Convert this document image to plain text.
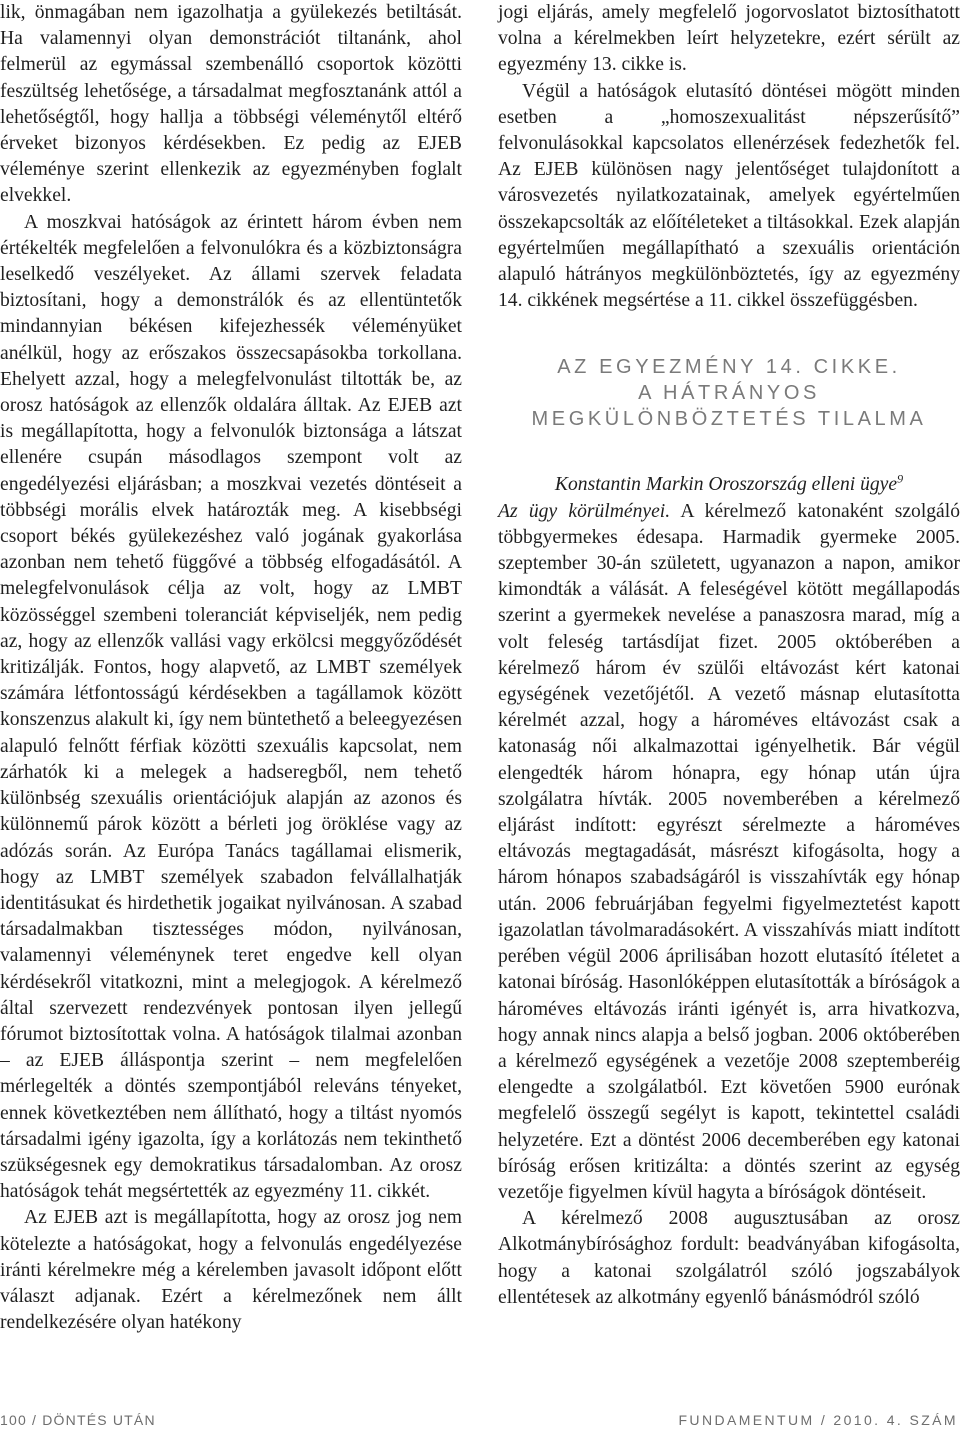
lik, önmagában nem igazolhatja a gyülekezés betiltását. Ha valamennyi olyan demonstrációt tiltanánk, ahol felmerül az egymással szembenálló csoportok közötti feszültség lehetősége, a társadalmat megfosztanánk attól a lehetőségtől, hogy hallja a többségi véleménytől eltérő érveket bizonyos kérdésekben. Ez pedig az EJEB véleménye szerint ellenkezik az egyezményben foglalt elvekkel.

A moszkvai hatóságok az érintett három évben nem értékelték megfelelően a felvonulókra és a közbiztonságra leselkedő veszélyeket. Az állami szervek feladata biztosítani, hogy a demonstrálók és az ellentüntetők mindannyian békésen kifejezhessék véleményüket anélkül, hogy az erőszakos összecsapásokba torkollana. Ehelyett azzal, hogy a melegfelvonulást tiltották be, az orosz hatóságok az ellenzők oldalára álltak. Az EJEB azt is megállapította, hogy a felvonulók biztonsága a látszat ellenére csupán másodlagos szempont volt az engedélyezési eljárásban; a moszkvai vezetés döntéseit a többségi morális elvek határozták meg. A kisebbségi csoport békés gyülekezéshez való jogának gyakorlása azonban nem tehető függővé a többség elfogadásától. A melegfelvonulások célja az volt, hogy az LMBT közösséggel szembeni toleranciát képviseljék, nem pedig az, hogy az ellenzők vallási vagy erkölcsi meggyőződését kritizálják. Fontos, hogy alapvető, az LMBT személyek számára létfontosságú kérdésekben a tagállamok között konszenzus alakult ki, így nem büntethető a beleegyezésen alapuló felnőtt férfiak közötti szexuális kapcsolat, nem zárhatók ki a melegek a hadseregből, nem tehető különbség szexuális orientációjuk alapján az azonos és különnemű párok között a bérleti jog öröklése vagy az adózás során. Az Európa Tanács tagállamai elismerik, hogy az LMBT személyek szabadon felvállalhatják identitásukat és hirdethetik jogaikat nyilvánosan. A szabad társadalmakban tisztességes módon, nyilvánosan, valamennyi véleménynek teret engedve kell olyan kérdésekről vitatkozni, mint a melegjogok. A kérelmező által szervezett rendezvények pontosan ilyen jellegű fórumot biztosítottak volna. A hatóságok tilalmai azonban – az EJEB álláspontja szerint – nem megfelelően mérlegelték a döntés szempontjából releváns tényeket, ennek következtében nem állítható, hogy a tiltást nyomós társadalmi igény igazolta, így a korlátozás nem tekinthető szükségesnek egy demokratikus társadalomban. Az orosz hatóságok tehát megsértették az egyezmény 11. cikkét.

Az EJEB azt is megállapította, hogy az orosz jog nem kötelezte a hatóságokat, hogy a felvonulás engedélyezése iránti kérelmekre még a kérelemben javasolt időpont előtt választ adjanak. Ezért a kérelmezőnek nem állt rendelkezésére olyan hatékony

jogi eljárás, amely megfelelő jogorvoslatot biztosíthatott volna a kérelmekben leírt helyzetekre, ezért sérült az egyezmény 13. cikke is.

Végül a hatóságok elutasító döntései mögött minden esetben a „homoszexualitást népszerűsítő” felvonulásokkal kapcsolatos ellenérzések fedezhetők fel. Az EJEB különösen nagy jelentőséget tulajdonított a városvezetés nyilatkozatainak, amelyek egyértelműen összekapcsolták az előítéleteket a tiltásokkal. Ezek alapján egyértelműen megállapítható a szexuális orientáción alapuló hátrányos megkülönböztetés, így az egyezmény 14. cikkének megsértése a 11. cikkel összefüggésben.

AZ EGYEZMÉNY 14. CIKKE.
A HÁTRÁNYOS
MEGKÜLÖNBÖZTETÉS TILALMA
Konstantin Markin Oroszország elleni ügye$^9$

Az ügy körülményei. A kérelmező katonaként szolgáló többgyermekes édesapa. Harmadik gyermeke 2005. szeptember 30-án született, ugyanazon a napon, amikor kimondták a válását. A feleségével kötött megállapodás szerint a gyermekek nevelése a panaszosra marad, míg a volt feleség tartásdíjat fizet. 2005 októberében a kérelmező három év szülői eltávozást kért katonai egységének vezetőjétől. A vezető másnap elutasította kérelmét azzal, hogy a hároméves eltávozást csak a katonaság női alkalmazottai igényelhetik. Bár végül elengedték három hónapra, egy hónap után újra szolgálatra hívták. 2005 novemberében a kérelmező eljárást indított: egyrészt sérelmezte a hároméves eltávozás megtagadását, másrészt kifogásolta, hogy a három hónapos szabadságáról is visszahívták egy hónap után. 2006 februárjában fegyelmi figyelmeztetést kapott igazolatlan távolmaradásokért. A visszahívás miatt indított perében végül 2006 áprilisában hozott elutasító ítéletet a katonai bíróság. Hasonlóképpen elutasították a bíróságok a hároméves eltávozás iránti igényét is, arra hivatkozva, hogy annak nincs alapja a belső jogban. 2006 októberében a kérelmező egységének a vezetője 2008 szeptemberéig elengedte a szolgálatból. Ezt követően 5900 eurónak megfelelő összegű segélyt is kapott, tekintettel családi helyzetére. Ezt a döntést 2006 decemberében egy katonai bíróság erősen kritizálta: a döntés szerint az egység vezetője figyelmen kívül hagyta a bíróságok döntéseit.

A kérelmező 2008 augusztusában az orosz Alkotmánybírósághoz fordult: beadványában kifogásolta, hogy a katonai szolgálatról szóló jogszabályok ellentétesek az alkotmány egyenlő bánásmódról szóló

100 / DÖNTÉS UTÁN	FUNDAMENTUM / 2010. 4. SZÁM
